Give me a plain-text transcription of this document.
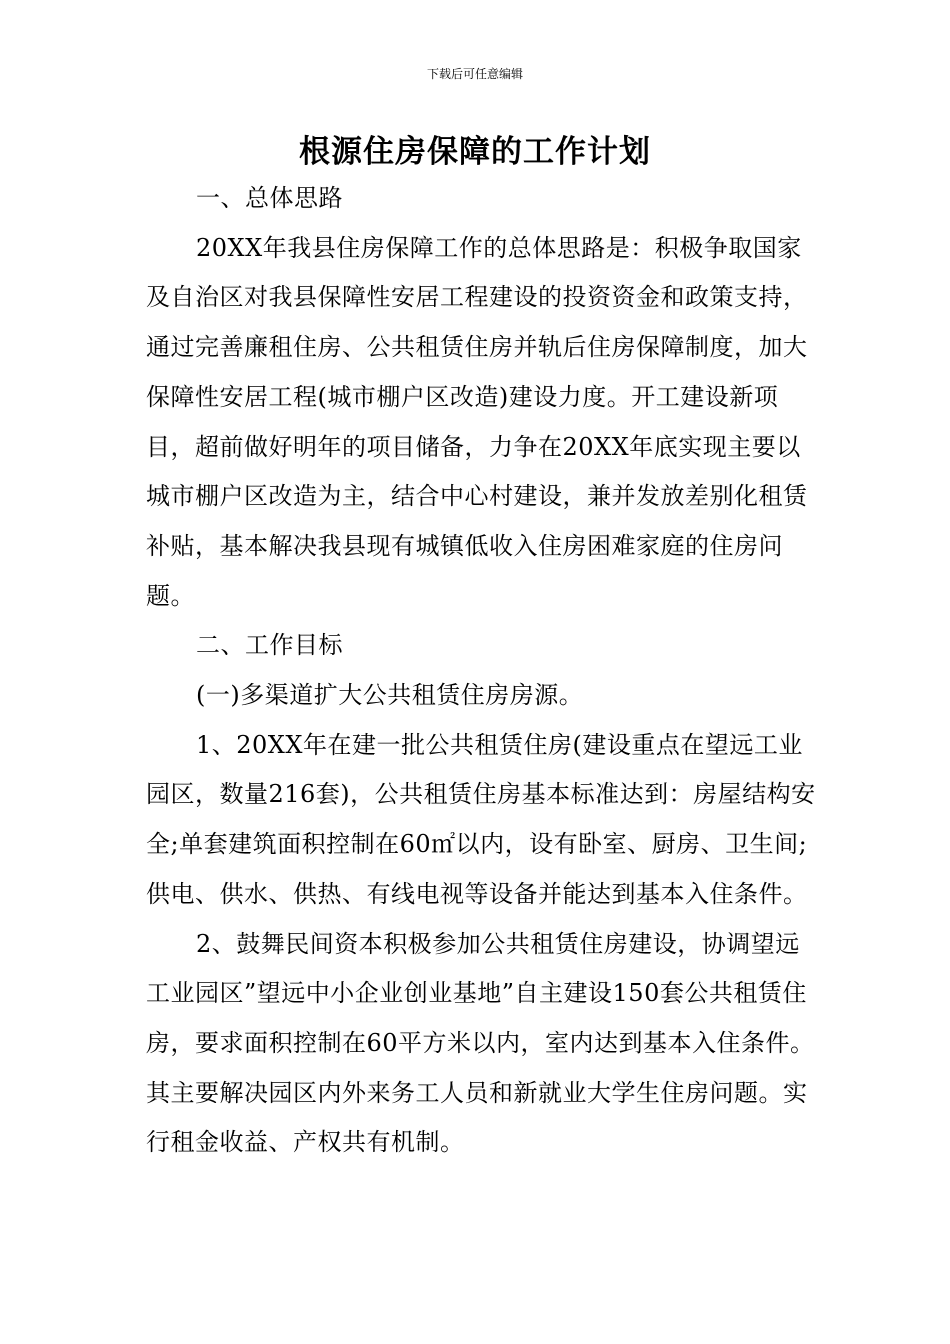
下载后可任意编辑
根源住房保障的工作计划

一、总体思路

20XX年我县住房保障工作的总体思路是：积极争取国家及自治区对我县保障性安居工程建设的投资资金和政策支持，通过完善廉租住房、公共租赁住房并轨后住房保障制度，加大保障性安居工程(城市棚户区改造)建设力度。开工建设新项目，超前做好明年的项目储备，力争在20XX年底实现主要以城市棚户区改造为主，结合中心村建设，兼并发放差别化租赁补贴，基本解决我县现有城镇低收入住房困难家庭的住房问题。

二、工作目标

(一)多渠道扩大公共租赁住房房源。

1、20XX年在建一批公共租赁住房(建设重点在望远工业园区，数量216套)，公共租赁住房基本标准达到：房屋结构安全;单套建筑面积控制在60㎡以内，设有卧室、厨房、卫生间;供电、供水、供热、有线电视等设备并能达到基本入住条件。

2、鼓舞民间资本积极参加公共租赁住房建设，协调望远工业园区”望远中小企业创业基地”自主建设150套公共租赁住房，要求面积控制在60平方米以内，室内达到基本入住条件。其主要解决园区内外来务工人员和新就业大学生住房问题。实行租金收益、产权共有机制。
